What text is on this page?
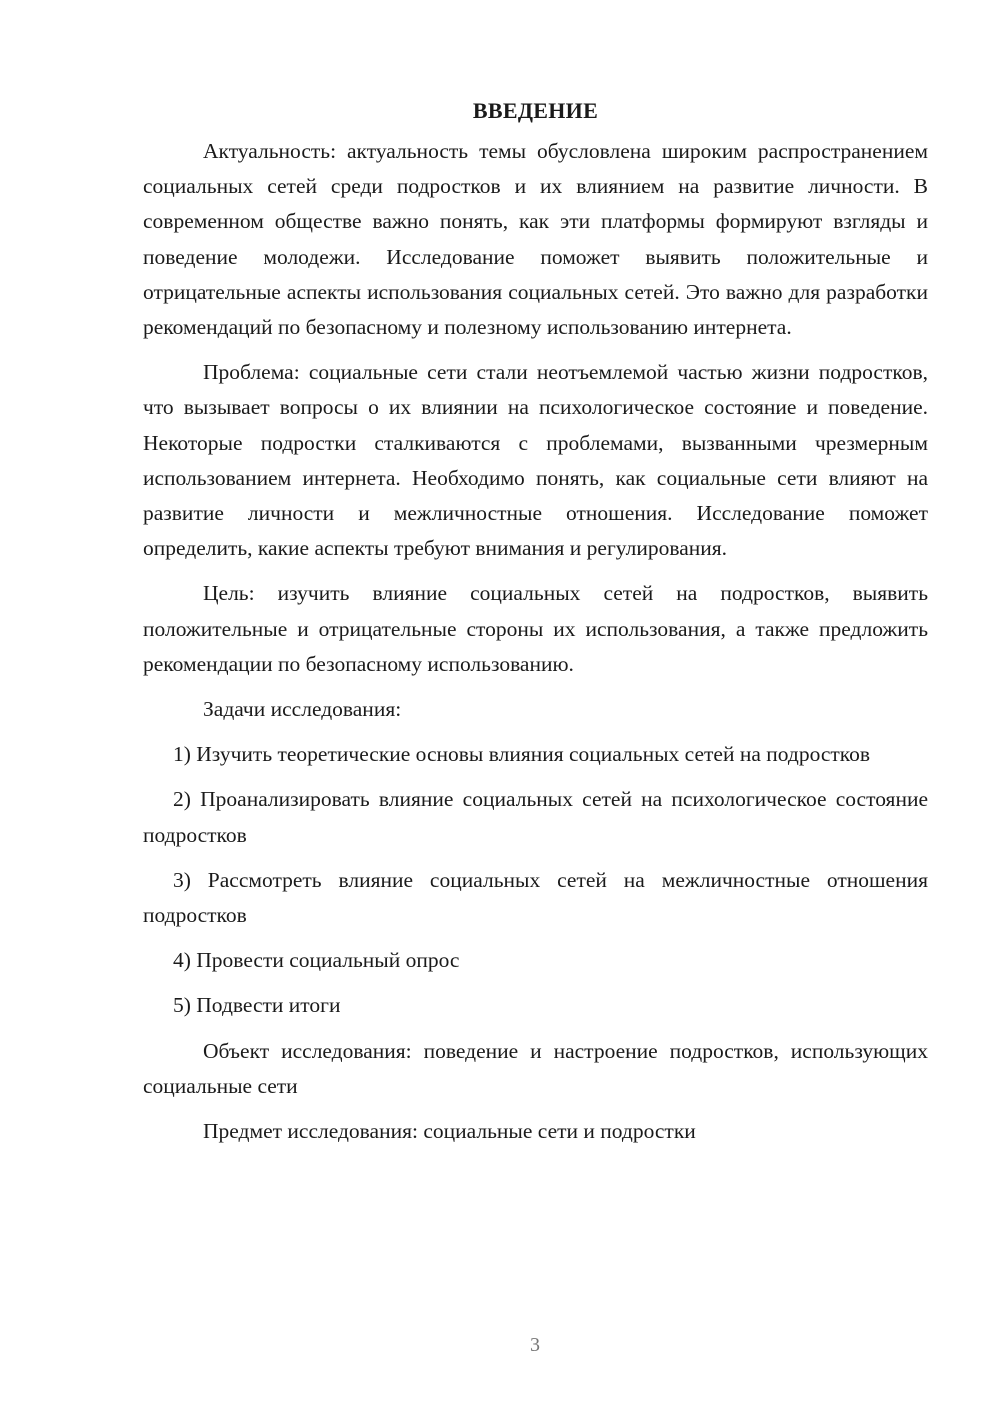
ВВЕДЕНИЕ

Актуальность: актуальность темы обусловлена широким распространением социальных сетей среди подростков и их влиянием на развитие личности. В современном обществе важно понять, как эти платформы формируют взгляды и поведение молодежи. Исследование поможет выявить положительные и отрицательные аспекты использования социальных сетей. Это важно для разработки рекомендаций по безопасному и полезному использованию интернета.

Проблема: социальные сети стали неотъемлемой частью жизни подростков, что вызывает вопросы о их влиянии на психологическое состояние и поведение. Некоторые подростки сталкиваются с проблемами, вызванными чрезмерным использованием интернета. Необходимо понять, как социальные сети влияют на развитие личности и межличностные отношения. Исследование поможет определить, какие аспекты требуют внимания и регулирования.

Цель: изучить влияние социальных сетей на подростков, выявить положительные и отрицательные стороны их использования, а также предложить рекомендации по безопасному использованию.

Задачи исследования:

1) Изучить теоретические основы влияния социальных сетей на подростков

2) Проанализировать влияние социальных сетей на психологическое состояние подростков

3) Рассмотреть влияние социальных сетей на межличностные отношения подростков

4) Провести социальный опрос

5) Подвести итоги

Объект исследования: поведение и настроение подростков, использующих социальные сети

Предмет исследования: социальные сети и подростки

3
